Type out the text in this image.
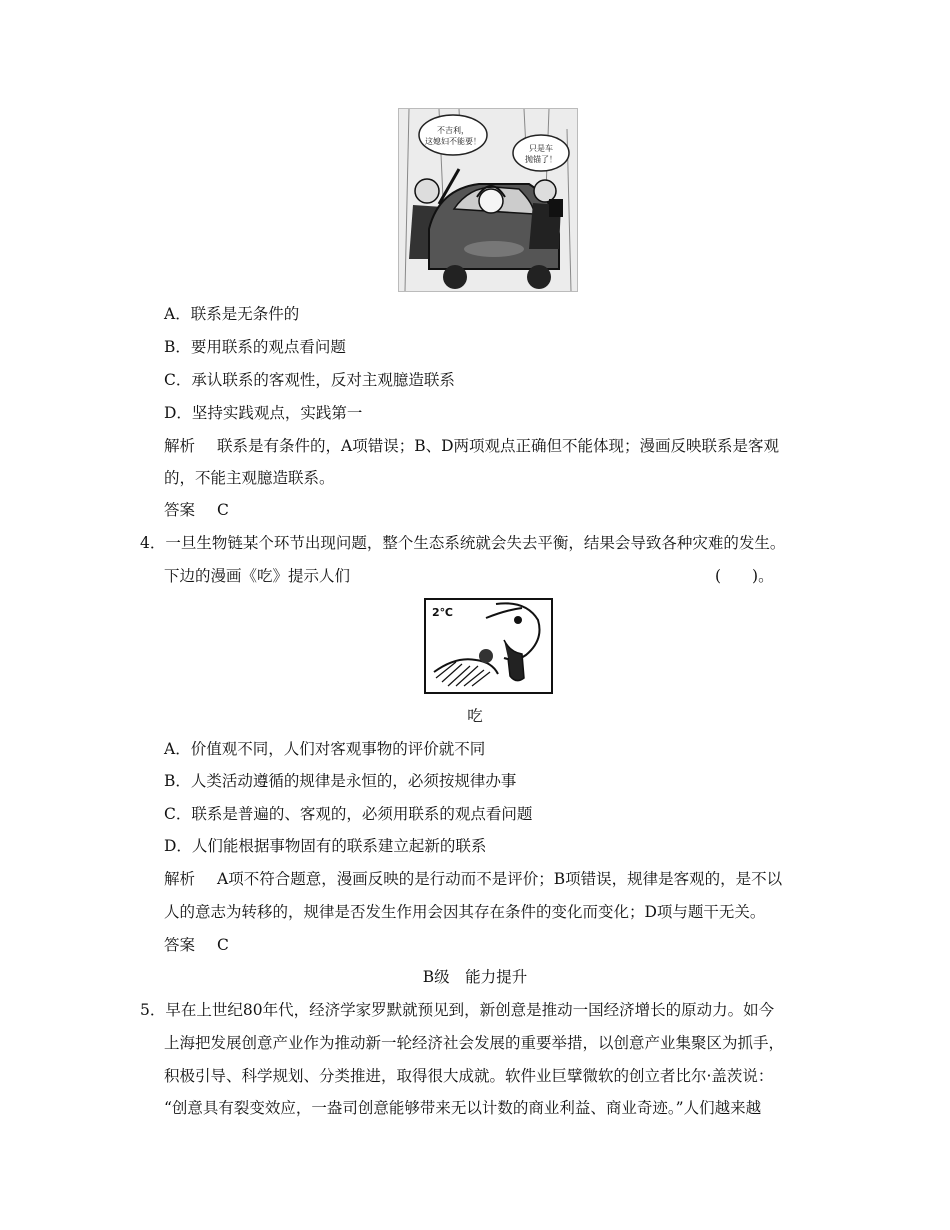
不吉利，
这媳妇不能要！
只是车
抛锚了！
A．联系是无条件的
B．要用联系的观点看问题
C．承认联系的客观性，反对主观臆造联系
D．坚持实践观点，实践第一
解析 联系是有条件的，A项错误；B、D两项观点正确但不能体现；漫画反映联系是客观
的，不能主观臆造联系。
答案 C
4．一旦生物链某个环节出现问题，整个生态系统就会失去平衡，结果会导致各种灾难的发生。
下边的漫画《吃》提示人们	(　　)。
2℃
吃
A．价值观不同，人们对客观事物的评价就不同
B．人类活动遵循的规律是永恒的，必须按规律办事
C．联系是普遍的、客观的，必须用联系的观点看问题
D．人们能根据事物固有的联系建立起新的联系
解析 A项不符合题意，漫画反映的是行动而不是评价；B项错误，规律是客观的，是不以
人的意志为转移的，规律是否发生作用会因其存在条件的变化而变化；D项与题干无关。
答案 C
B级　能力提升
5．早在上世纪80年代，经济学家罗默就预见到，新创意是推动一国经济增长的原动力。如今
上海把发展创意产业作为推动新一轮经济社会发展的重要举措，以创意产业集聚区为抓手，
积极引导、科学规划、分类推进，取得很大成就。软件业巨擘微软的创立者比尔·盖茨说：
“创意具有裂变效应，一盎司创意能够带来无以计数的商业利益、商业奇迹。”人们越来越
